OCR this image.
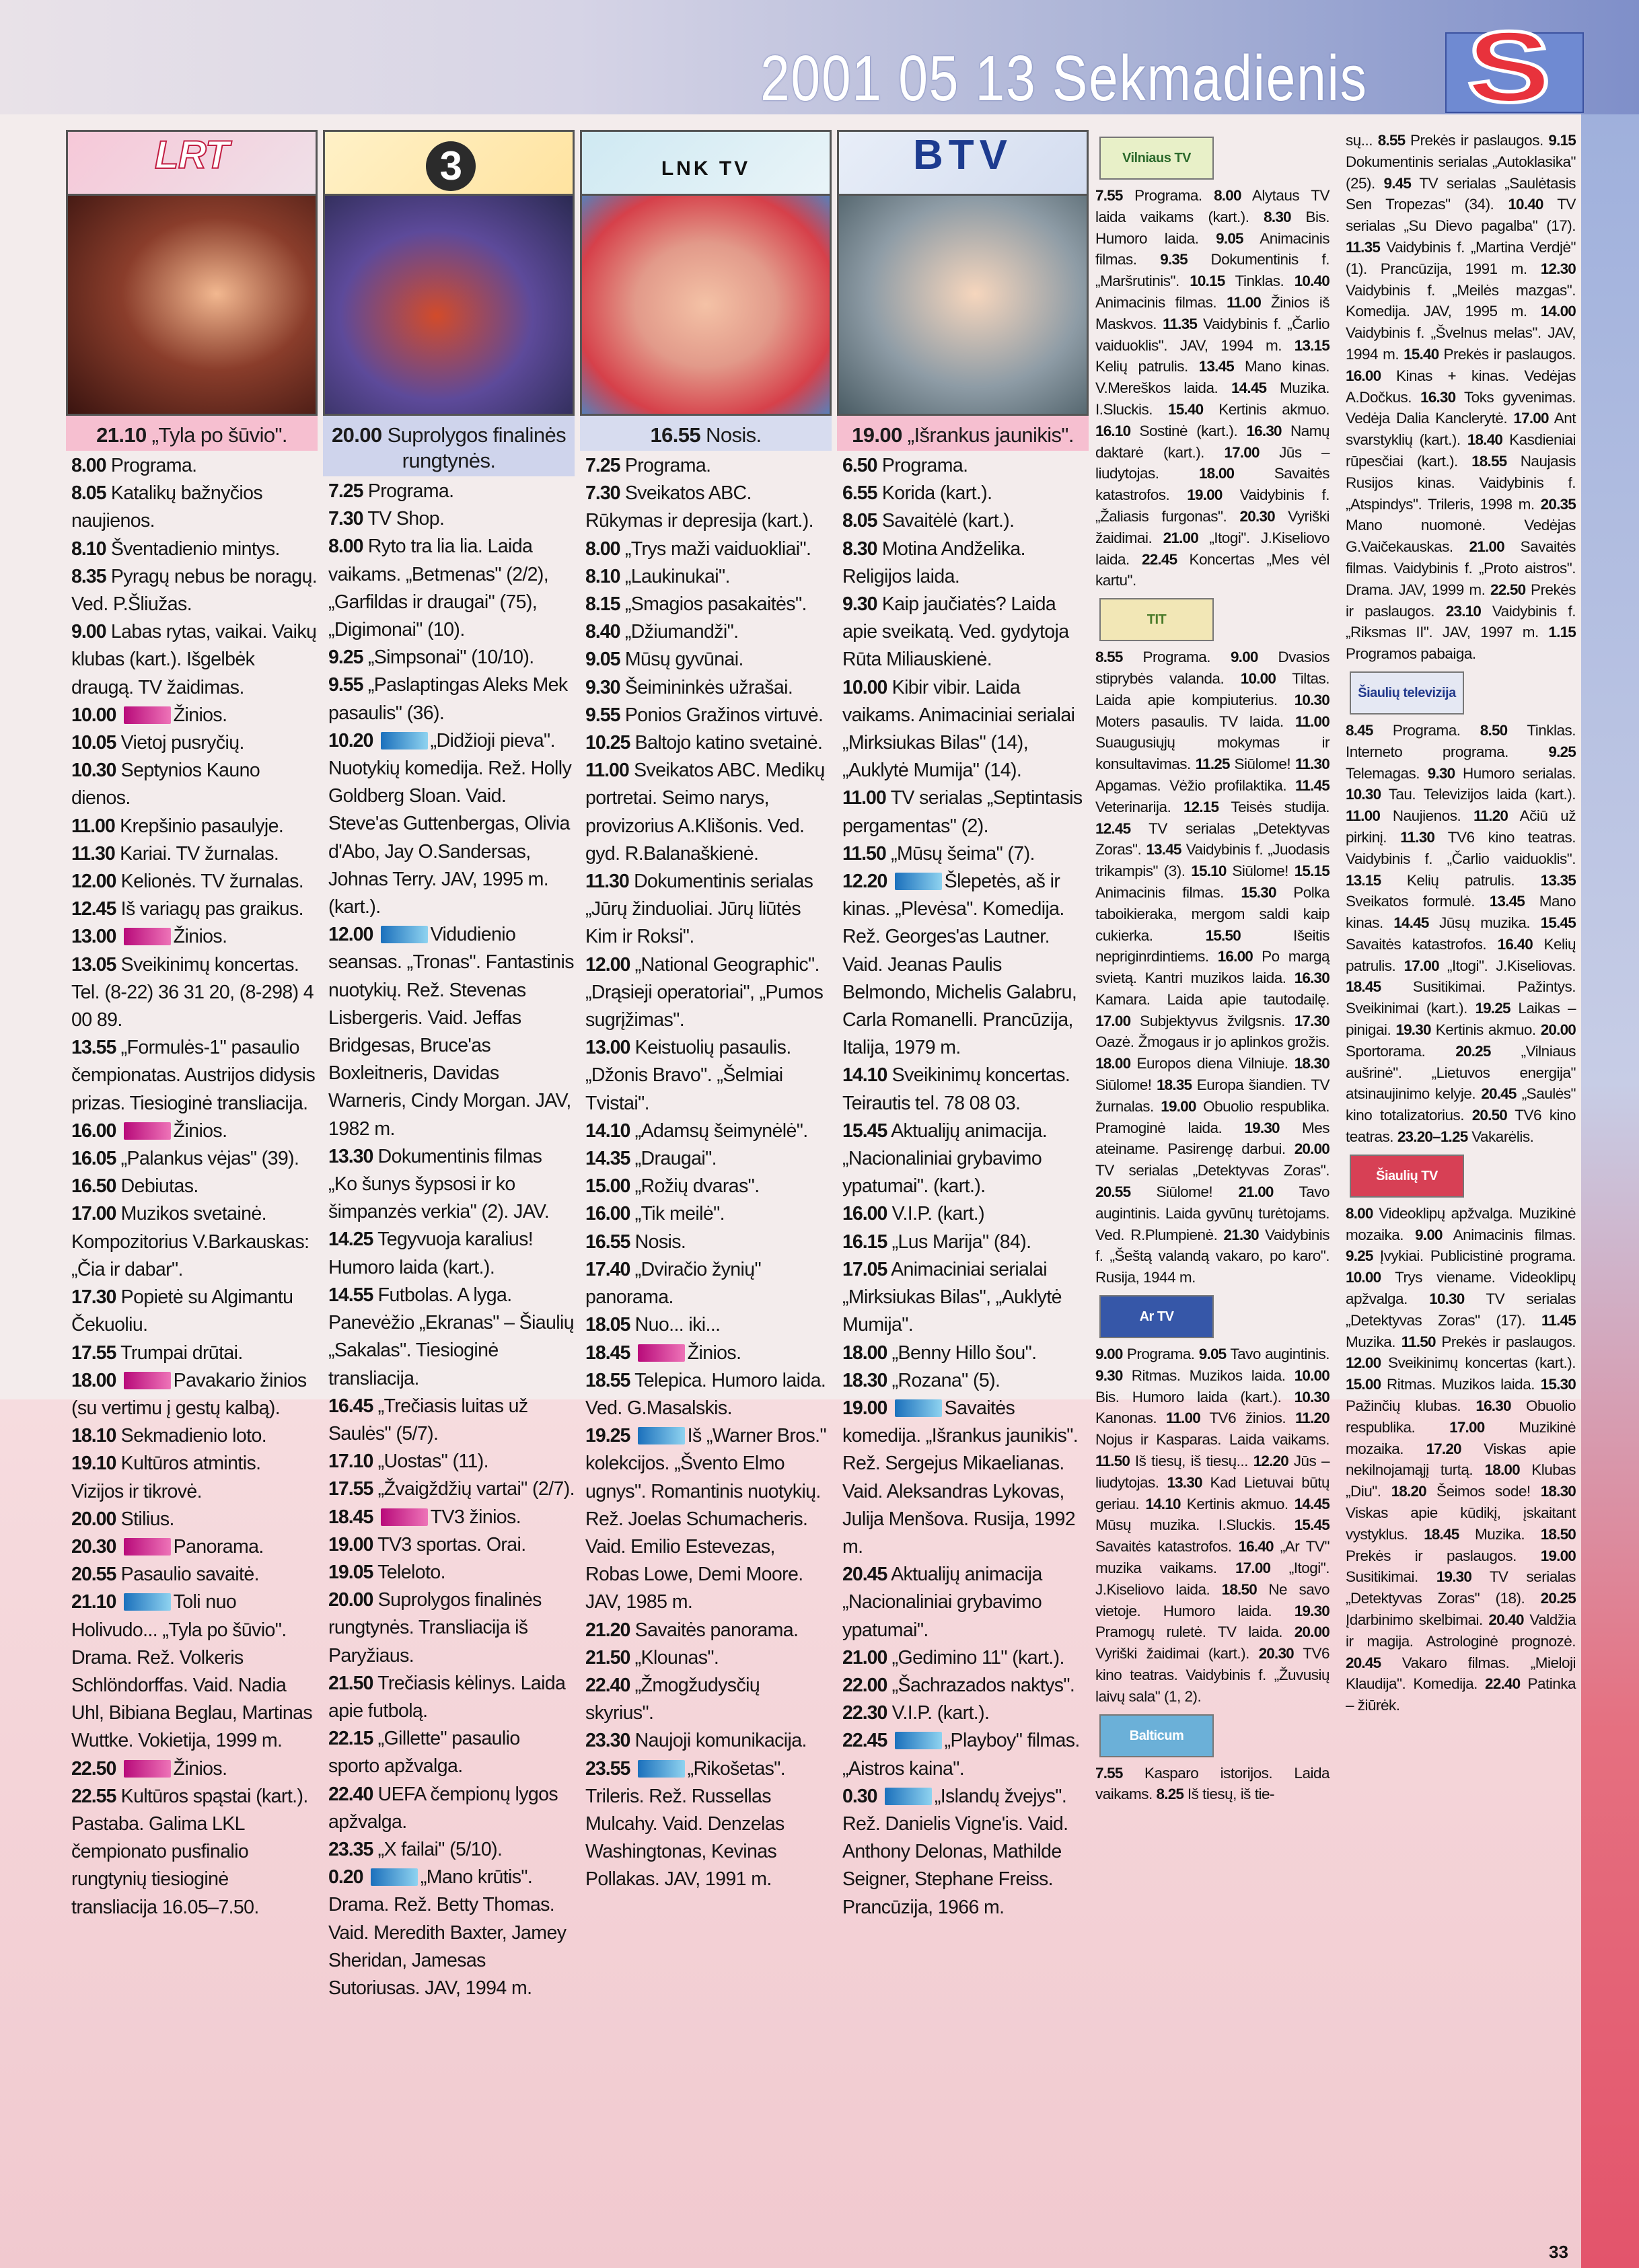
2001 05 13 Sekmadienis S
LRT
21.10 „Tyla po šūvio".
8.00 Programa.
8.05 Katalikų bažnyčios naujienos.
8.10 Šventadienio mintys.
8.35 Pyragų nebus be noragų. Ved. P.Šliužas.
9.00 Labas rytas, vaikai. Vaikų klubas (kart.). Išgelbėk draugą. TV žaidimas.
10.00	Žinios.
10.05 Vietoj pusryčių.
10.30 Septynios Kauno dienos.
11.00 Krepšinio pasaulyje.
11.30 Kariai. TV žurnalas.
12.00 Kelionės. TV žurnalas.
12.45 Iš variagų pas graikus.
13.00	Žinios.
13.05 Sveikinimų koncertas. Tel. (8-22) 36 31 20, (8-298) 4 00 89.
13.55 „Formulės-1" pasaulio čempionatas. Austrijos didysis prizas. Tiesioginė transliacija.
16.00	Žinios.
16.05 „Palankus vėjas" (39).
16.50 Debiutas.
17.00 Muzikos svetainė. Kompozitorius V.Barkauskas: „Čia ir dabar".
17.30 Popietė su Algimantu Čekuoliu.
17.55 Trumpai drūtai.
18.00	Pavakario žinios (su vertimu į gestų kalbą).
18.10 Sekmadienio loto.
19.10 Kultūros atmintis. Vizijos ir tikrovė.
20.00 Stilius.
20.30	Panorama.
20.55 Pasaulio savaitė.
21.10	Toli nuo Holivudo... „Tyla po šūvio". Drama. Rež. Volkeris Schlöndorffas. Vaid. Nadia Uhl, Bibiana Beglau, Martinas Wuttke. Vokietija, 1999 m.
22.50	Žinios.
22.55 Kultūros spąstai (kart.). Pastaba. Galima LKL čempionato pusfinalio rungtynių tiesioginė transliacija 16.05–7.50.
3
20.00 Suprolygos finalinės rungtynės.
7.25 Programa.
7.30 TV Shop.
8.00 Ryto tra lia lia. Laida vaikams. „Betmenas" (2/2), „Garfildas ir draugai" (75), „Digimonai" (10).
9.25 „Simpsonai" (10/10).
9.55 „Paslaptingas Aleks Mek pasaulis" (36).
10.20	„Didžioji pieva". Nuotykių komedija. Rež. Holly Goldberg Sloan. Vaid. Steve'as Guttenbergas, Olivia d'Abo, Jay O.Sandersas, Johnas Terry. JAV, 1995 m. (kart.).
12.00	Vidudienio seansas. „Tronas". Fantastinis nuotykių. Rež. Stevenas Lisbergeris. Vaid. Jeffas Bridgesas, Bruce'as Boxleitneris, Davidas Warneris, Cindy Morgan. JAV, 1982 m.
13.30 Dokumentinis filmas „Ko šunys šypsosi ir ko šimpanzės verkia" (2). JAV.
14.25 Tegyvuoja karalius! Humoro laida (kart.).
14.55 Futbolas. A lyga. Panevėžio „Ekranas" – Šiaulių „Sakalas". Tiesioginė transliacija.
16.45 „Trečiasis luitas už Saulės" (5/7).
17.10 „Uostas" (11).
17.55 „Žvaigždžių vartai" (2/7).
18.45	TV3 žinios.
19.00 TV3 sportas. Orai.
19.05 Teleloto.
20.00 Suprolygos finalinės rungtynės. Transliacija iš Paryžiaus.
21.50 Trečiasis kėlinys. Laida apie futbolą.
22.15 „Gillette" pasaulio sporto apžvalga.
22.40 UEFA čempionų lygos apžvalga.
23.35 „X failai" (5/10).
0.20	„Mano krūtis". Drama. Rež. Betty Thomas. Vaid. Meredith Baxter, Jamey Sheridan, Jamesas Sutoriusas. JAV, 1994 m.
LNK TV
16.55 Nosis.
7.25 Programa.
7.30 Sveikatos ABC. Rūkymas ir depresija (kart.).
8.00 „Trys maži vaiduokliai".
8.10 „Laukinukai".
8.15 „Smagios pasakaitės".
8.40 „Džiumandži".
9.05 Mūsų gyvūnai.
9.30 Šeimininkės užrašai.
9.55 Ponios Gražinos virtuvė.
10.25 Baltojo katino svetainė.
11.00 Sveikatos ABC. Medikų portretai. Seimo narys, provizorius A.Klišonis. Ved. gyd. R.Balanaškienė.
11.30 Dokumentinis serialas „Jūrų žinduoliai. Jūrų liūtės Kim ir Roksi".
12.00 „National Geographic". „Drąsieji operatoriai", „Pumos sugrįžimas".
13.00 Keistuolių pasaulis. „Džonis Bravo". „Šelmiai Tvistai".
14.10 „Adamsų šeimynėlė".
14.35 „Draugai".
15.00 „Rožių dvaras".
16.00 „Tik meilė".
16.55 Nosis.
17.40 „Dviračio žynių" panorama.
18.05 Nuo... iki...
18.45	Žinios.
18.55 Telepica. Humoro laida. Ved. G.Masalskis.
19.25	Iš „Warner Bros." kolekcijos. „Švento Elmo ugnys". Romantinis nuotykių. Rež. Joelas Schumacheris. Vaid. Emilio Estevezas, Robas Lowe, Demi Moore. JAV, 1985 m.
21.20 Savaitės panorama.
21.50 „Klounas".
22.40 „Žmogžudysčių skyrius".
23.30 Naujoji komunikacija.
23.55	„Rikošetas". Trileris. Rež. Russellas Mulcahy. Vaid. Denzelas Washingtonas, Kevinas Pollakas. JAV, 1991 m.
BTV
19.00 „Išrankus jaunikis".
6.50 Programa.
6.55 Korida (kart.).
8.05 Savaitėlė (kart.).
8.30 Motina Andželika. Religijos laida.
9.30 Kaip jaučiatės? Laida apie sveikatą. Ved. gydytoja Rūta Miliauskienė.
10.00 Kibir vibir. Laida vaikams. Animaciniai serialai „Mirksiukas Bilas" (14), „Auklytė Mumija" (14).
11.00 TV serialas „Septintasis pergamentas" (2).
11.50 „Mūsų šeima" (7).
12.20	Šlepetės, aš ir kinas. „Plevėsa". Komedija. Rež. Georges'as Lautner. Vaid. Jeanas Paulis Belmondo, Michelis Galabru, Carla Romanelli. Prancūzija, Italija, 1979 m.
14.10 Sveikinimų koncertas. Teirautis tel. 78 08 03.
15.45 Aktualijų animacija. „Nacionaliniai grybavimo ypatumai". (kart.).
16.00 V.I.P. (kart.)
16.15 „Lus Marija" (84).
17.05 Animaciniai serialai „Mirksiukas Bilas", „Auklytė Mumija".
18.00 „Benny Hillo šou".
18.30 „Rozana" (5).
19.00	Savaitės komedija. „Išrankus jaunikis". Rež. Sergejus Mikaelianas. Vaid. Aleksandras Lykovas, Julija Menšova. Rusija, 1992 m.
20.45 Aktualijų animacija „Nacionaliniai grybavimo ypatumai".
21.00 „Gedimino 11" (kart.).
22.00 „Šachrazados naktys".
22.30 V.I.P. (kart.).
22.45	„Playboy" filmas. „Aistros kaina".
0.30	„Islandų žvejys". Rež. Danielis Vigne'is. Vaid. Anthony Delonas, Mathilde Seigner, Stephane Freiss. Prancūzija, 1966 m.
Vilniaus TV

7.55 Programa. 8.00 Alytaus TV laida vaikams (kart.). 8.30 Bis. Humoro laida. 9.05 Animacinis filmas. 9.35 Dokumentinis f. „Maršrutinis". 10.15 Tinklas. 10.40 Animacinis filmas. 11.00 Žinios iš Maskvos. 11.35 Vaidybinis f. „Čarlio vaiduoklis". JAV, 1994 m. 13.15 Kelių patrulis. 13.45 Mano kinas. V.Mereškos laida. 14.45 Muzika. I.Sluckis. 15.40 Kertinis akmuo. 16.10 Sostinė (kart.). 16.30 Namų daktarė (kart.). 17.00 Jūs – liudytojas.	18.00	Savaitės katastrofos. 19.00 Vaidybinis f. „Žaliasis furgonas". 20.30 Vyriški žaidimai. 21.00 „Itogi". J.Kiseliovo laida. 22.45 Koncertas „Mes vėl kartu".

TIT

8.55 Programa. 9.00 Dvasios stiprybės valanda. 10.00 Tiltas. Laida apie kompiuterius. 10.30 Moters pasaulis. TV laida. 11.00 Suaugusiųjų mokymas ir konsultavimas. 11.25 Siūlome! 11.30 Apgamas. Vėžio profilaktika. 11.45 Veterinarija. 12.15 Teisės studija. 12.45 TV serialas „Detektyvas Zoras". 13.45 Vaidybinis f. „Juodasis trikampis" (3). 15.10 Siūlome! 15.15 Animacinis filmas. 15.30 Polka taboikieraka, mergom saldi kaip cukierka.	15.50	Išeitis nepriginrdintiems. 16.00 Po margą svietą. Kantri muzikos laida. 16.30 Kamara. Laida apie tautodailę. 17.00 Subjektyvus žvilgsnis. 17.30 Oazė. Žmogaus ir jo aplinkos grožis. 18.00 Europos diena Vilniuje. 18.30 Siūlome! 18.35 Europa šiandien. TV žurnalas. 19.00 Obuolio respublika. Pramoginė laida. 19.30 Mes ateiname. Pasirengę darbui. 20.00 TV serialas „Detektyvas Zoras". 20.55 Siūlome! 21.00 Tavo augintinis. Laida gyvūnų turėtojams. Ved. R.Plumpienė. 21.30 Vaidybinis f. „Šeštą valandą vakaro, po karo". Rusija, 1944 m.

Ar TV

9.00 Programa. 9.05 Tavo augintinis. 9.30 Ritmas. Muzikos laida. 10.00 Bis. Humoro laida (kart.). 10.30 Kanonas. 11.00 TV6 žinios. 11.20 Nojus ir Kasparas. Laida vaikams. 11.50 Iš tiesų, iš tiesų... 12.20 Jūs – liudytojas. 13.30 Kad Lietuvai būtų geriau. 14.10 Kertinis akmuo. 14.45 Mūsų muzika. I.Sluckis. 15.45 Savaitės katastrofos. 16.40 „Ar TV" muzika vaikams. 17.00 „Itogi". J.Kiseliovo laida. 18.50 Ne savo vietoje. Humoro laida. 19.30 Pramogų ruletė. TV laida. 20.00 Vyriški žaidimai (kart.). 20.30 TV6 kino teatras. Vaidybinis f. „Žuvusių laivų sala" (1, 2).

Balticum

7.55 Kasparo istorijos. Laida vaikams. 8.25 Iš tiesų, iš tie-

sų... 8.55 Prekės ir paslaugos. 9.15 Dokumentinis serialas „Autoklasika" (25). 9.45 TV serialas „Saulėtasis Sen Tropezas" (34). 10.40 TV serialas „Su Dievo pagalba" (17). 11.35 Vaidybinis f. „Martina Verdjė" (1). Prancūzija, 1991 m. 12.30 Vaidybinis f. „Meilės mazgas". Komedija. JAV, 1995 m. 14.00 Vaidybinis f. „Švelnus melas". JAV, 1994 m. 15.40 Prekės ir paslaugos. 16.00 Kinas + kinas. Vedėjas A.Dočkus. 16.30 Toks gyvenimas. Vedėja Dalia Kanclerytė. 17.00 Ant svarstyklių (kart.). 18.40 Kasdieniai rūpesčiai (kart.). 18.55 Naujasis Rusijos kinas. Vaidybinis f. „Atspindys". Trileris, 1998 m. 20.35 Mano nuomonė. Vedėjas G.Vaičekauskas. 21.00 Savaitės filmas. Vaidybinis f. „Proto aistros". Drama. JAV, 1999 m. 22.50 Prekės ir paslaugos. 23.10 Vaidybinis f. „Riksmas II". JAV, 1997 m. 1.15 Programos pabaiga.

Šiaulių televizija

8.45 Programa. 8.50 Tinklas. Interneto programa.	9.25 Telemagas. 9.30 Humoro serialas. 10.30 Tau. Televizijos laida (kart.). 11.00 Naujienos. 11.20 Ačiū už pirkinį. 11.30 TV6 kino teatras. Vaidybinis f. „Čarlio vaiduoklis". 13.15 Kelių patrulis. 13.35 Sveikatos formulė. 13.45 Mano kinas. 14.45 Jūsų muzika. 15.45 Savaitės katastrofos. 16.40 Kelių patrulis. 17.00 „Itogi". J.Kiseliovas. 18.45 Susitikimai. Pažintys. Sveikinimai (kart.). 19.25 Laikas – pinigai. 19.30 Kertinis akmuo. 20.00 Sportorama. 20.25 „Vilniaus aušrinė". „Lietuvos energija" atsinaujinimo kelyje. 20.45 „Saulės" kino totalizatorius. 20.50 TV6 kino teatras. 23.20–1.25 Vakarėlis.

Šiaulių TV

8.00 Videoklipų apžvalga. Muzikinė mozaika. 9.00 Animacinis filmas. 9.25 Įvykiai. Publicistinė programa. 10.00 Trys viename. Videoklipų apžvalga. 10.30 TV serialas „Detektyvas Zoras" (17). 11.45 Muzika. 11.50 Prekės ir paslaugos. 12.00 Sveikinimų koncertas (kart.). 15.00 Ritmas. Muzikos laida. 15.30 Pažinčių klubas. 16.30 Obuolio respublika. 17.00 Muzikinė mozaika. 17.20 Viskas apie nekilnojamąjį turtą. 18.00 Klubas „Diu". 18.20 Šeimos sode! 18.30 Viskas apie kūdikį, įskaitant vystyklus. 18.45 Muzika. 18.50 Prekės ir paslaugos. 19.00 Susitikimai. 19.30 TV serialas „Detektyvas Zoras" (18). 20.25 Įdarbinimo skelbimai. 20.40 Valdžia ir magija. Astrologinė prognozė. 20.45 Vakaro filmas. „Mieloji Klaudija". Komedija. 22.40 Patinka – žiūrėk.

33
